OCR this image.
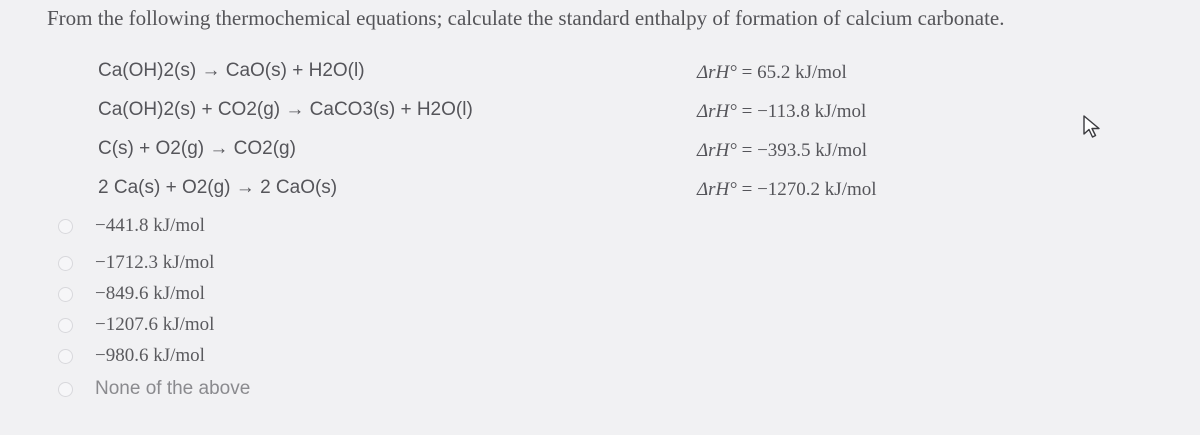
From the following thermochemical equations; calculate the standard enthalpy of formation of calcium carbonate.
Ca(OH)2(s) → CaO(s) + H2O(l)	ΔrH° = 65.2 kJ/mol
Ca(OH)2(s) + CO2(g) → CaCO3(s) + H2O(l)	ΔrH° = −113.8 kJ/mol
C(s) + O2(g) → CO2(g)	ΔrH° = −393.5 kJ/mol
2 Ca(s) + O2(g) → 2 CaO(s)	ΔrH° = −1270.2 kJ/mol
−441.8 kJ/mol
−1712.3 kJ/mol
−849.6 kJ/mol
−1207.6 kJ/mol
−980.6 kJ/mol
None of the above
